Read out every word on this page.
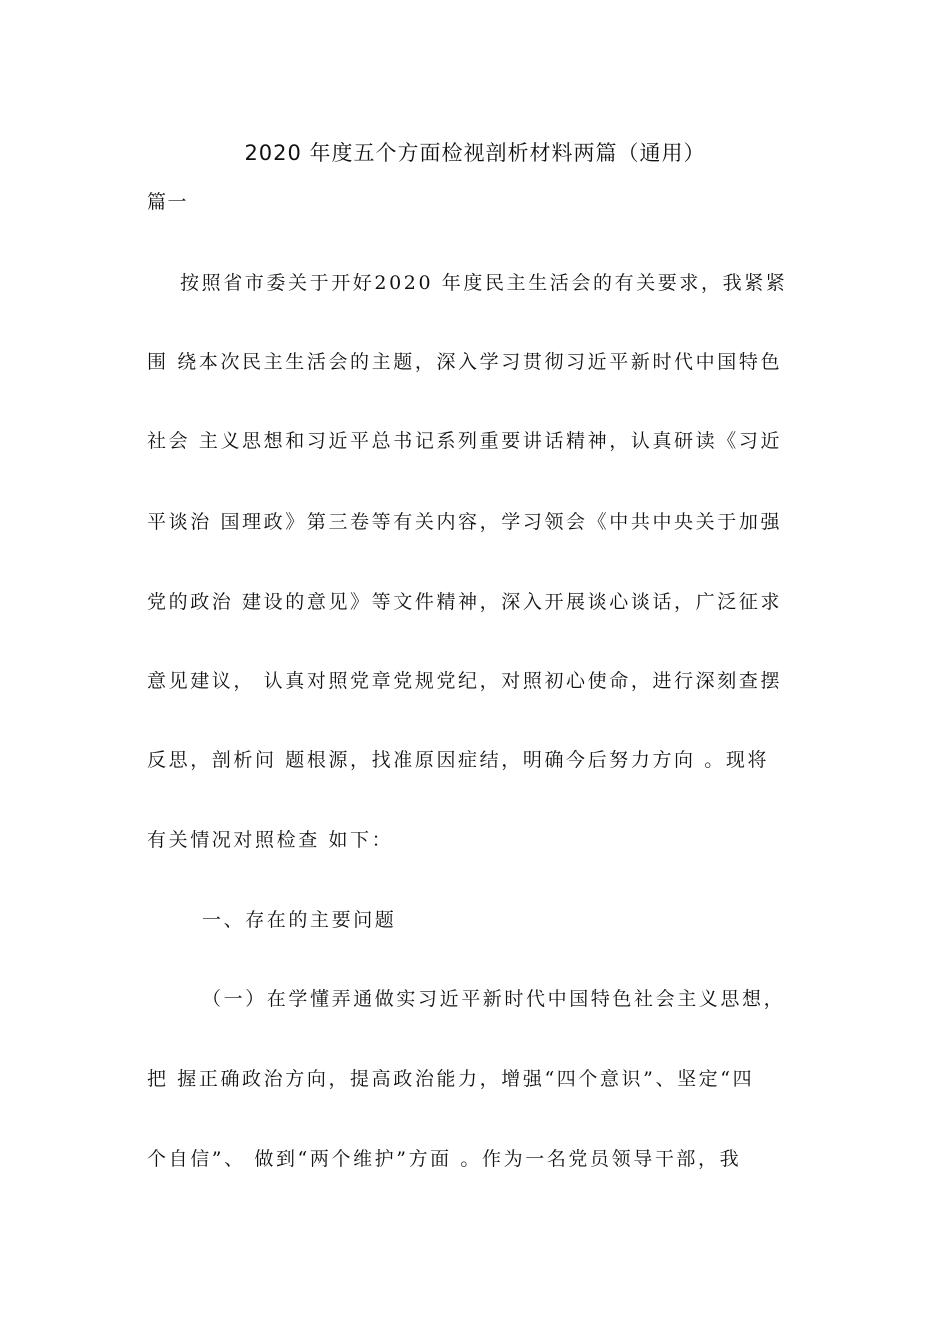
2020 年度五个方面检视剖析材料两篇（通用）
篇一
按照省市委关于开好2020 年度民主生活会的有关要求，我紧紧
围 绕本次民主生活会的主题，深入学习贯彻习近平新时代中国特色
社会 主义思想和习近平总书记系列重要讲话精神，认真研读《习近
平谈治 国理政》第三卷等有关内容，学习领会《中共中央关于加强
党的政治 建设的意见》等文件精神，深入开展谈心谈话，广泛征求
意见建议， 认真对照党章党规党纪，对照初心使命，进行深刻查摆
反思，剖析问 题根源，找准原因症结，明确今后努力方向 。现将
有关情况对照检查 如下：
一、存在的主要问题
（一）在学懂弄通做实习近平新时代中国特色社会主义思想，
把 握正确政治方向，提高政治能力，增强“四个意识”、坚定“四
个自信”、 做到“两个维护”方面 。作为一名党员领导干部，我
